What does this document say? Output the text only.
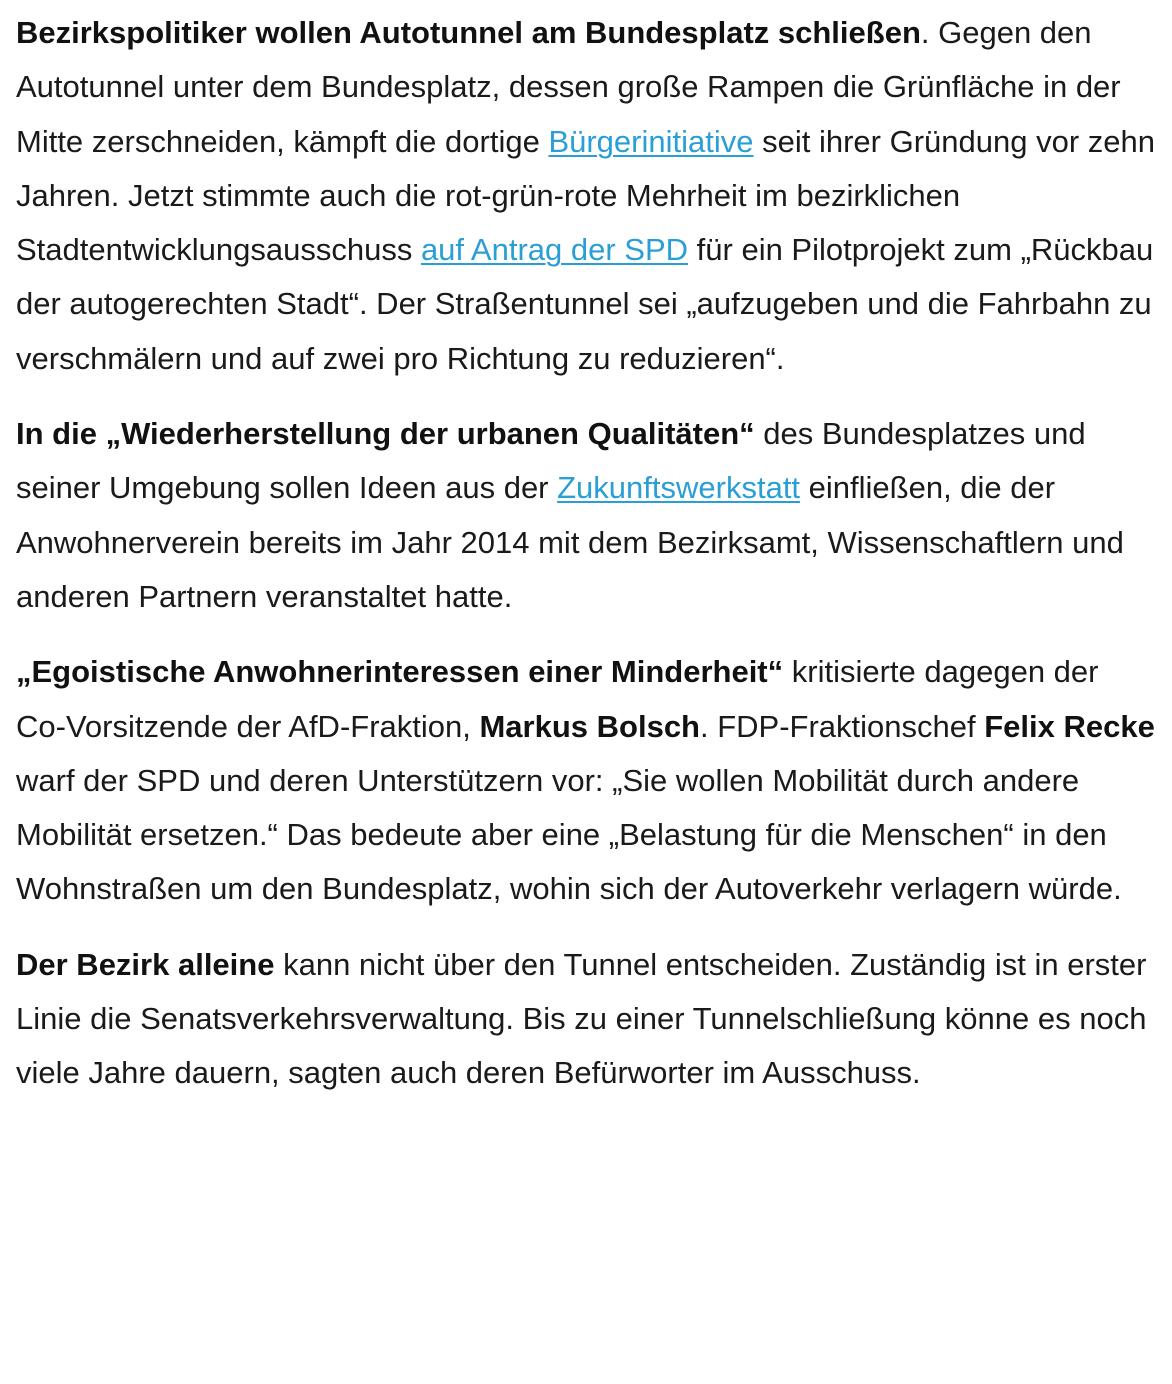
Bezirkspolitiker wollen Autotunnel am Bundesplatz schließen. Gegen den Autotunnel unter dem Bundesplatz, dessen große Rampen die Grünfläche in der Mitte zerschneiden, kämpft die dortige Bürgerinitiative seit ihrer Gründung vor zehn Jahren. Jetzt stimmte auch die rot-grün-rote Mehrheit im bezirklichen Stadtentwicklungsausschuss auf Antrag der SPD für ein Pilotprojekt zum „Rückbau der autogerechten Stadt“. Der Straßentunnel sei „aufzugeben und die Fahrbahn zu verschmälern und auf zwei pro Richtung zu reduzieren“.

In die „Wiederherstellung der urbanen Qualitäten“ des Bundesplatzes und seiner Umgebung sollen Ideen aus der Zukunftswerkstatt einfließen, die der Anwohnerverein bereits im Jahr 2014 mit dem Bezirksamt, Wissenschaftlern und anderen Partnern veranstaltet hatte.

„Egoistische Anwohnerinteressen einer Minderheit“ kritisierte dagegen der Co-Vorsitzende der AfD-Fraktion, Markus Bolsch. FDP-Fraktionschef Felix Recke warf der SPD und deren Unterstützern vor: „Sie wollen Mobilität durch andere Mobilität ersetzen.“ Das bedeute aber eine „Belastung für die Menschen“ in den Wohnstraßen um den Bundesplatz, wohin sich der Autoverkehr verlagern würde.

Der Bezirk alleine kann nicht über den Tunnel entscheiden. Zuständig ist in erster Linie die Senatsverkehrsverwaltung. Bis zu einer Tunnelschließung könne es noch viele Jahre dauern, sagten auch deren Befürworter im Ausschuss.
